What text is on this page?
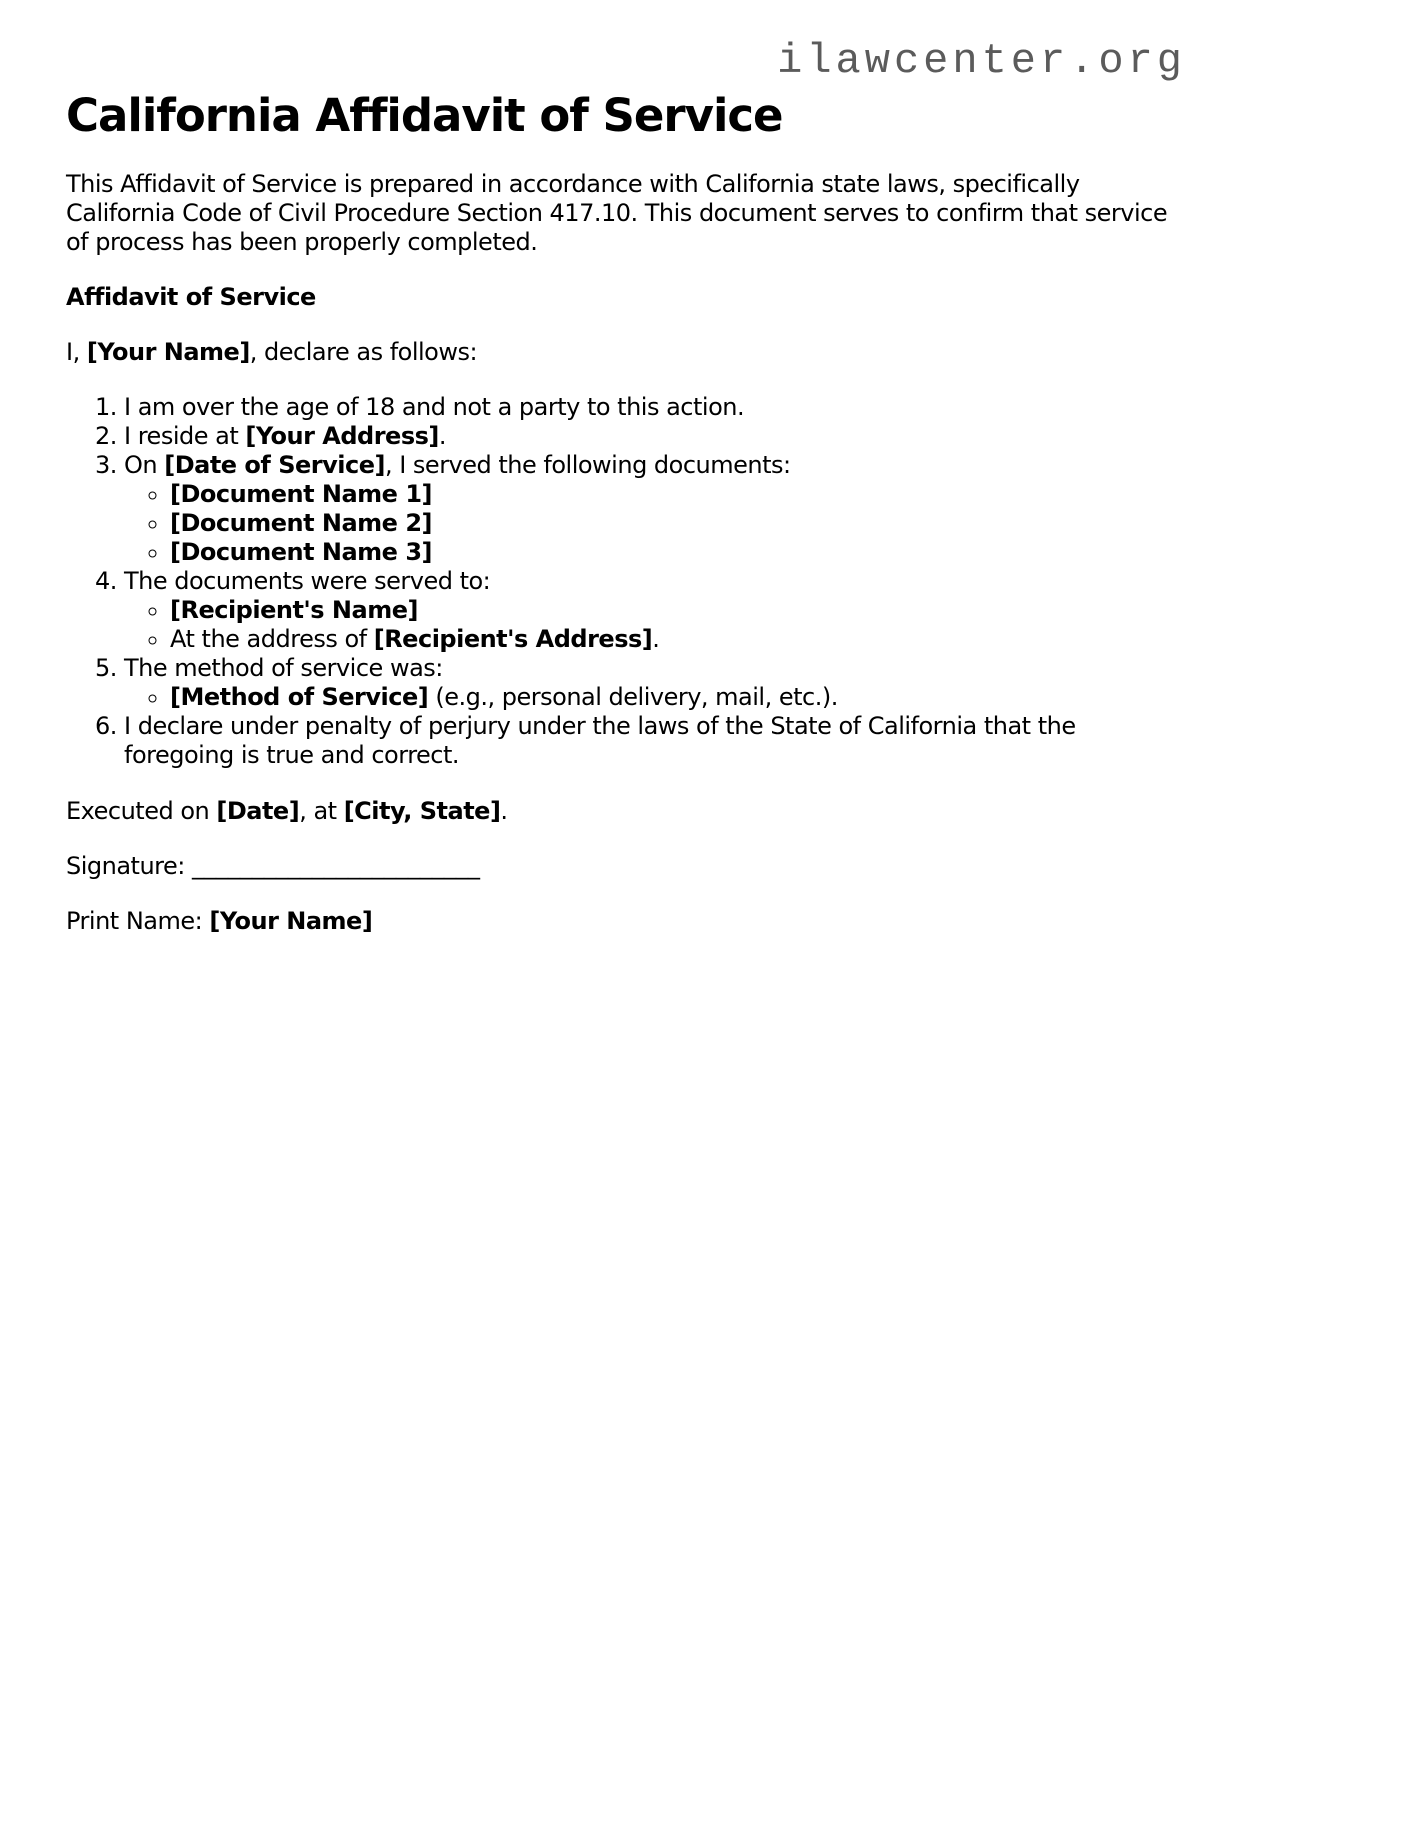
ilawcenter.org
California Affidavit of Service

This Affidavit of Service is prepared in accordance with California state laws, specifically California Code of Civil Procedure Section 417.10. This document serves to confirm that service of process has been properly completed.

Affidavit of Service

I, [Your Name], declare as follows:

1. I am over the age of 18 and not a party to this action.
2. I reside at [Your Address].
3. On [Date of Service], I served the following documents:
◦ [Document Name 1]
◦ [Document Name 2]
◦ [Document Name 3]
4. The documents were served to:
◦ [Recipient's Name]
◦ At the address of [Recipient's Address].
5. The method of service was:
◦ [Method of Service] (e.g., personal delivery, mail, etc.).
6. I declare under penalty of perjury under the laws of the State of California that the foregoing is true and correct.

Executed on [Date], at [City, State].

Signature: ________________________

Print Name: [Your Name]
